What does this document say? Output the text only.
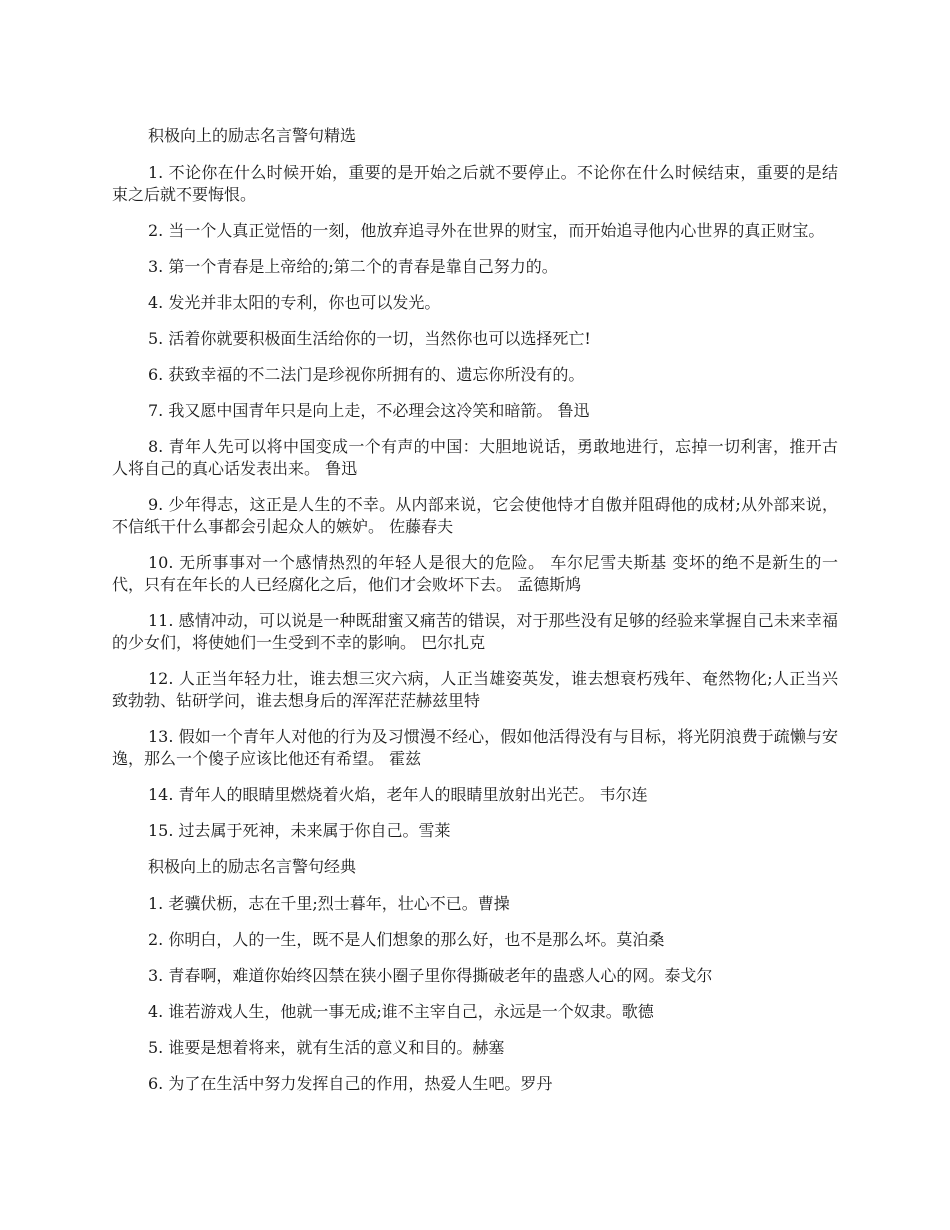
积极向上的励志名言警句精选

1. 不论你在什么时候开始，重要的是开始之后就不要停止。不论你在什么时候结束，重要的是结束之后就不要悔恨。

2. 当一个人真正觉悟的一刻，他放弃追寻外在世界的财宝，而开始追寻他内心世界的真正财宝。

3. 第一个青春是上帝给的;第二个的青春是靠自己努力的。

4. 发光并非太阳的专利，你也可以发光。

5. 活着你就要积极面生活给你的一切，当然你也可以选择死亡!

6. 获致幸福的不二法门是珍视你所拥有的、遗忘你所没有的。

7. 我又愿中国青年只是向上走，不必理会这冷笑和暗箭。 鲁迅

8. 青年人先可以将中国变成一个有声的中国：大胆地说话，勇敢地进行，忘掉一切利害，推开古人将自己的真心话发表出来。 鲁迅

9. 少年得志，这正是人生的不幸。从内部来说，它会使他恃才自傲并阻碍他的成材;从外部来说，不信纸干什么事都会引起众人的嫉妒。 佐藤春夫

10. 无所事事对一个感情热烈的年轻人是很大的危险。 车尔尼雪夫斯基 变坏的绝不是新生的一代，只有在年长的人已经腐化之后，他们才会败坏下去。 孟德斯鸠

11. 感情冲动，可以说是一种既甜蜜又痛苦的错误，对于那些没有足够的经验来掌握自己未来幸福的少女们，将使她们一生受到不幸的影响。 巴尔扎克

12. 人正当年轻力壮，谁去想三灾六病，人正当雄姿英发，谁去想衰朽残年、奄然物化;人正当兴致勃勃、钻研学问，谁去想身后的浑浑茫茫赫兹里特

13. 假如一个青年人对他的行为及习惯漫不经心，假如他活得没有与目标，将光阴浪费于疏懒与安逸，那么一个傻子应该比他还有希望。 霍兹

14. 青年人的眼睛里燃烧着火焰，老年人的眼睛里放射出光芒。 韦尔连

15. 过去属于死神，未来属于你自己。雪莱

积极向上的励志名言警句经典

1. 老骥伏枥，志在千里;烈士暮年，壮心不已。曹操

2. 你明白，人的一生，既不是人们想象的那么好，也不是那么坏。莫泊桑

3. 青春啊，难道你始终囚禁在狭小圈子里你得撕破老年的蛊惑人心的网。泰戈尔

4. 谁若游戏人生，他就一事无成;谁不主宰自己，永远是一个奴隶。歌德

5. 谁要是想着将来，就有生活的意义和目的。赫塞

6. 为了在生活中努力发挥自己的作用，热爱人生吧。罗丹
